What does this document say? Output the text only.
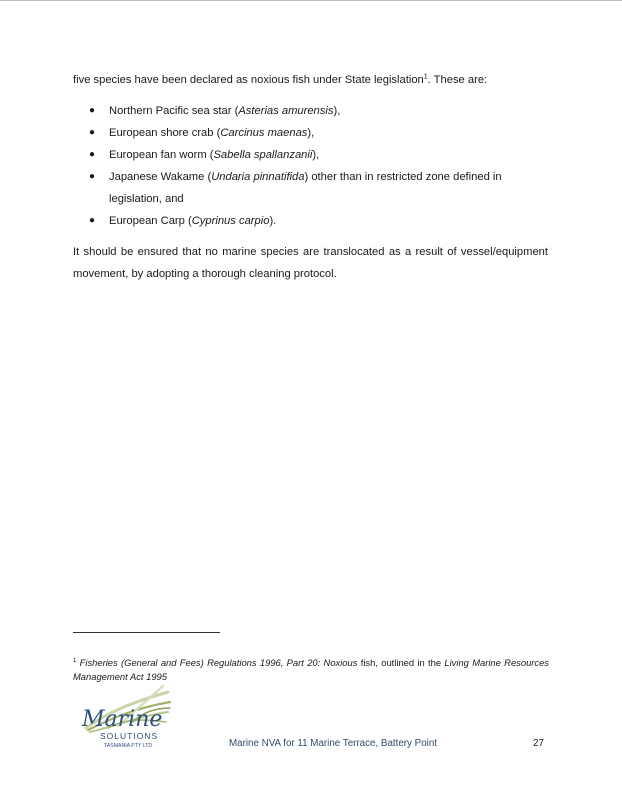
five species have been declared as noxious fish under State legislation$^1$. These are:
● Northern Pacific sea star (Asterias amurensis),
● European shore crab (Carcinus maenas),
● European fan worm (Sabella spallanzanii),
● Japanese Wakame (Undaria pinnatifida) other than in restricted zone defined in legislation, and
● European Carp (Cyprinus carpio).
It should be ensured that no marine species are translocated as a result of vessel/equipment movement, by adopting a thorough cleaning protocol.
$^1$ Fisheries (General and Fees) Regulations 1996, Part 20: Noxious fish, outlined in the Living Marine Resources Management Act 1995
Marine
SOLUTIONS
TASMANIA PTY LTD	Marine NVA for 11 Marine Terrace, Battery Point	27
